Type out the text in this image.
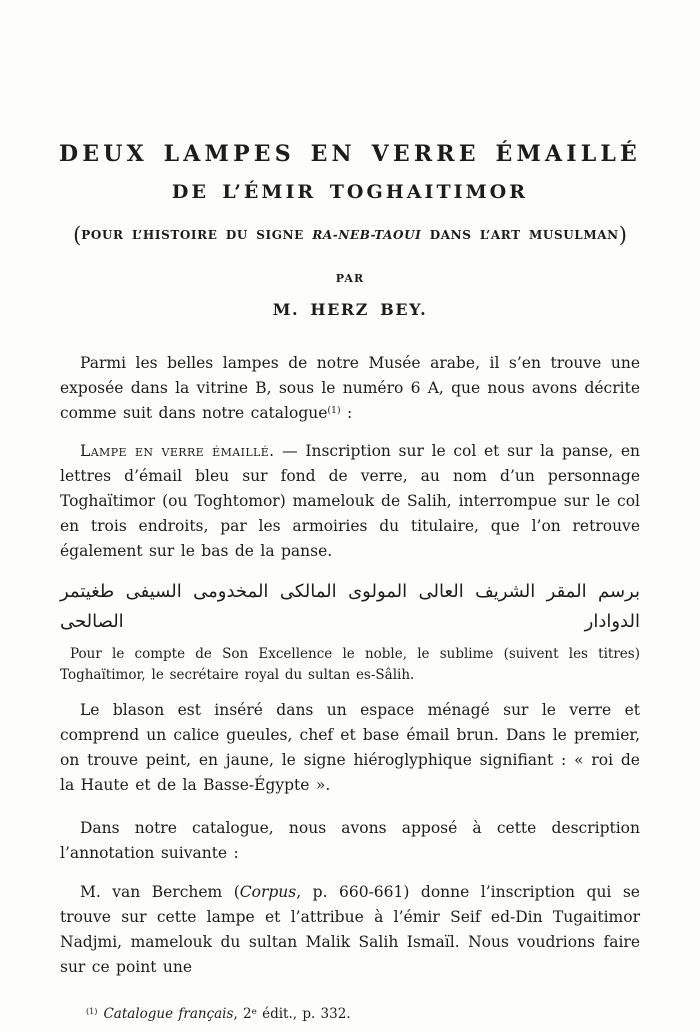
DEUX LAMPES EN VERRE ÉMAILLÉ
DE L’ÉMIR TOGHAITIMOR
(POUR L’HISTOIRE DU SIGNE RA-NEB-TAOUI DANS L’ART MUSULMAN)
PAR
M. HERZ BEY.

Parmi les belles lampes de notre Musée arabe, il s’en trouve une exposée dans la vitrine B, sous le numéro 6 A, que nous avons décrite comme suit dans notre catalogue$^{(1)}$ :

Lampe en verre émaillé. — Inscription sur le col et sur la panse, en lettres d’émail bleu sur fond de verre, au nom d’un personnage Toghaïtimor (ou Toghtomor) mamelouk de Salih, interrompue sur le col en trois endroits, par les armoiries du titulaire, que l’on retrouve également sur le bas de la panse.

برسم المقر الشريف العالى المولوى المالكى المخدومى السيفى طغيتمر الدوادار الصالحى

Pour le compte de Son Excellence le noble, le sublime (suivent les titres) Toghaïtimor, le secrétaire royal du sultan es-Sâlih.

Le blason est inséré dans un espace ménagé sur le verre et comprend un calice gueules, chef et base émail brun. Dans le premier, on trouve peint, en jaune, le signe hiéroglyphique signifiant : « roi de la Haute et de la Basse-Égypte ».

Dans notre catalogue, nous avons apposé à cette description l’annotation suivante :

M. van Berchem (Corpus, p. 660-661) donne l’inscription qui se trouve sur cette lampe et l’attribue à l’émir Seif ed-Din Tugaitimor Nadjmi, mamelouk du sultan Malik Salih Ismaïl. Nous voudrions faire sur ce point une

$^{(1)}$ Catalogue français, 2e édit., p. 332.
